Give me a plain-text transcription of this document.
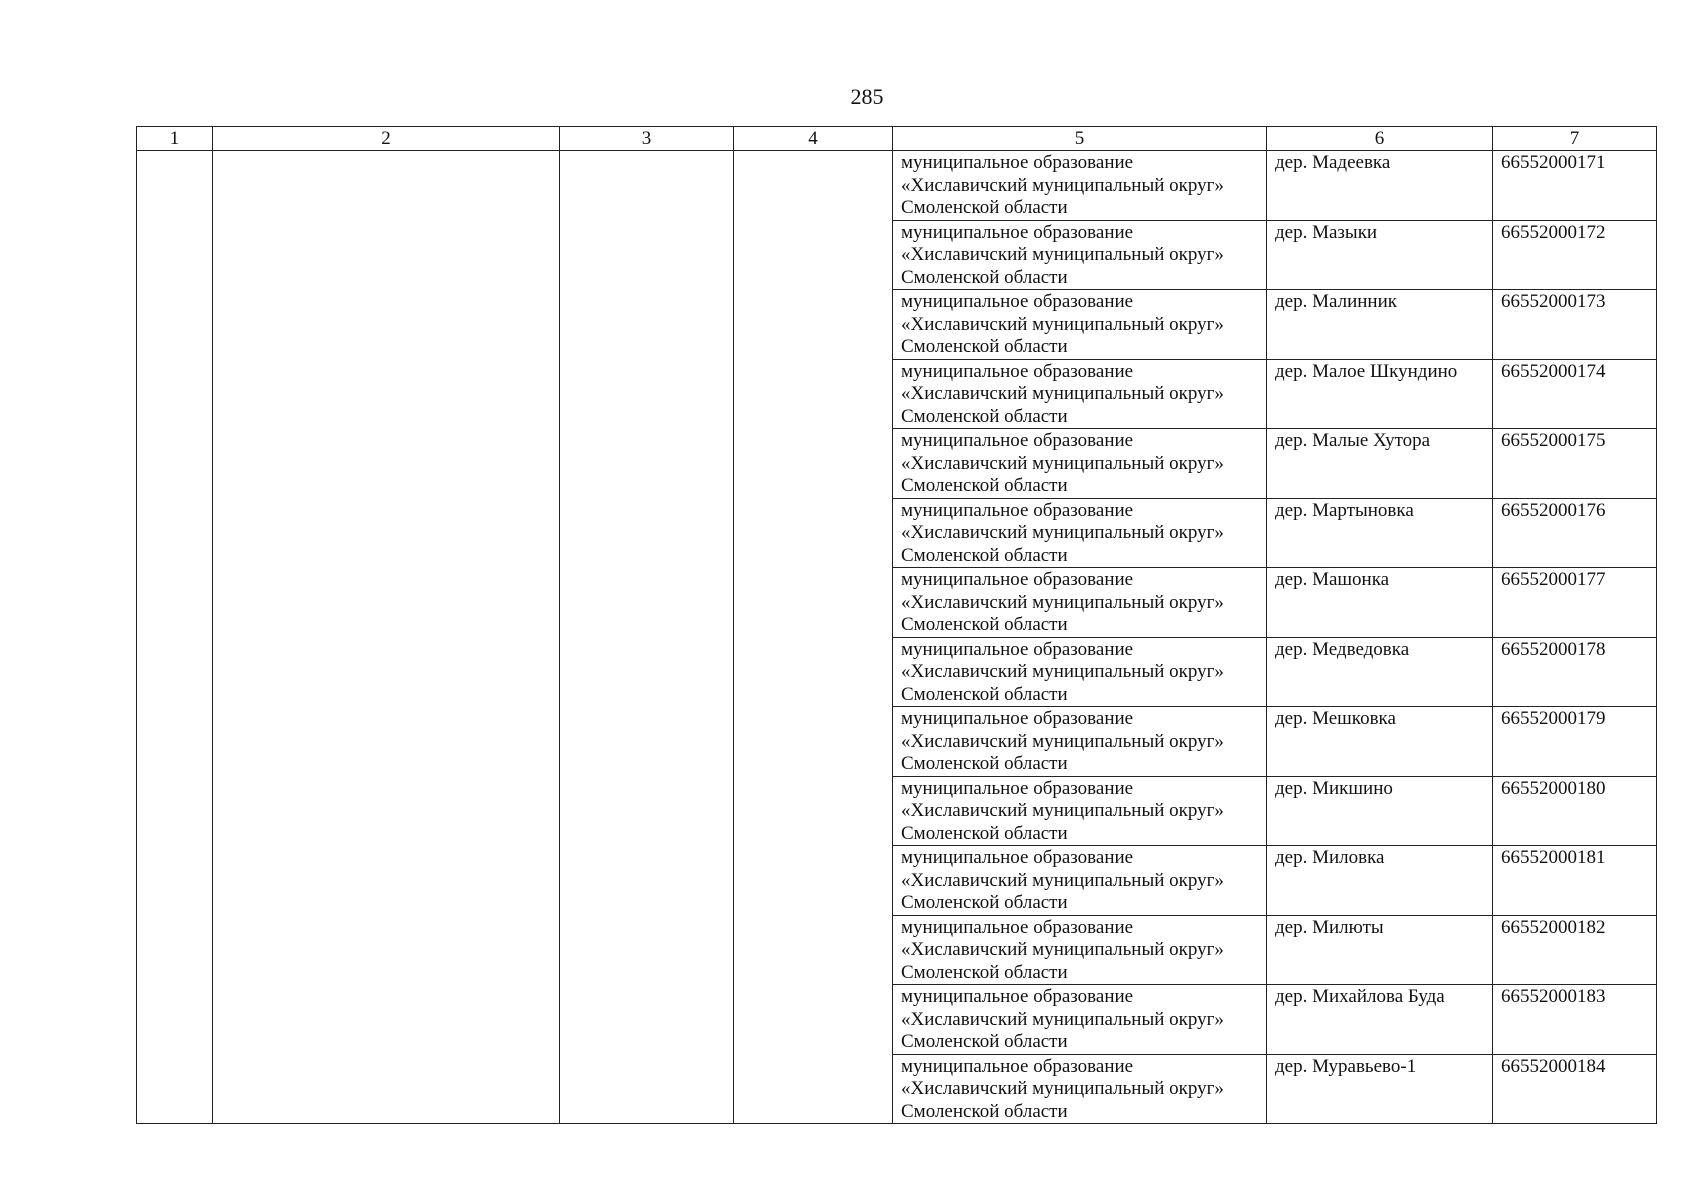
285
1	2	3	4	5	6	7

				муниципальное образование
«Хиславичский муниципальный округ»
Смоленской области	дер. Мадеевка	66552000171

				муниципальное образование
«Хиславичский муниципальный округ»
Смоленской области	дер. Мазыки	66552000172

				муниципальное образование
«Хиславичский муниципальный округ»
Смоленской области	дер. Малинник	66552000173

				муниципальное образование
«Хиславичский муниципальный округ»
Смоленской области	дер. Малое Шкундино	66552000174

				муниципальное образование
«Хиславичский муниципальный округ»
Смоленской области	дер. Малые Хутора	66552000175

				муниципальное образование
«Хиславичский муниципальный округ»
Смоленской области	дер. Мартыновка	66552000176

				муниципальное образование
«Хиславичский муниципальный округ»
Смоленской области	дер. Машонка	66552000177

				муниципальное образование
«Хиславичский муниципальный округ»
Смоленской области	дер. Медведовка	66552000178

				муниципальное образование
«Хиславичский муниципальный округ»
Смоленской области	дер. Мешковка	66552000179

				муниципальное образование
«Хиславичский муниципальный округ»
Смоленской области	дер. Микшино	66552000180

				муниципальное образование
«Хиславичский муниципальный округ»
Смоленской области	дер. Миловка	66552000181

				муниципальное образование
«Хиславичский муниципальный округ»
Смоленской области	дер. Милюты	66552000182

				муниципальное образование
«Хиславичский муниципальный округ»
Смоленской области	дер. Михайлова Буда	66552000183

				муниципальное образование
«Хиславичский муниципальный округ»
Смоленской области	дер. Муравьево-1	66552000184
